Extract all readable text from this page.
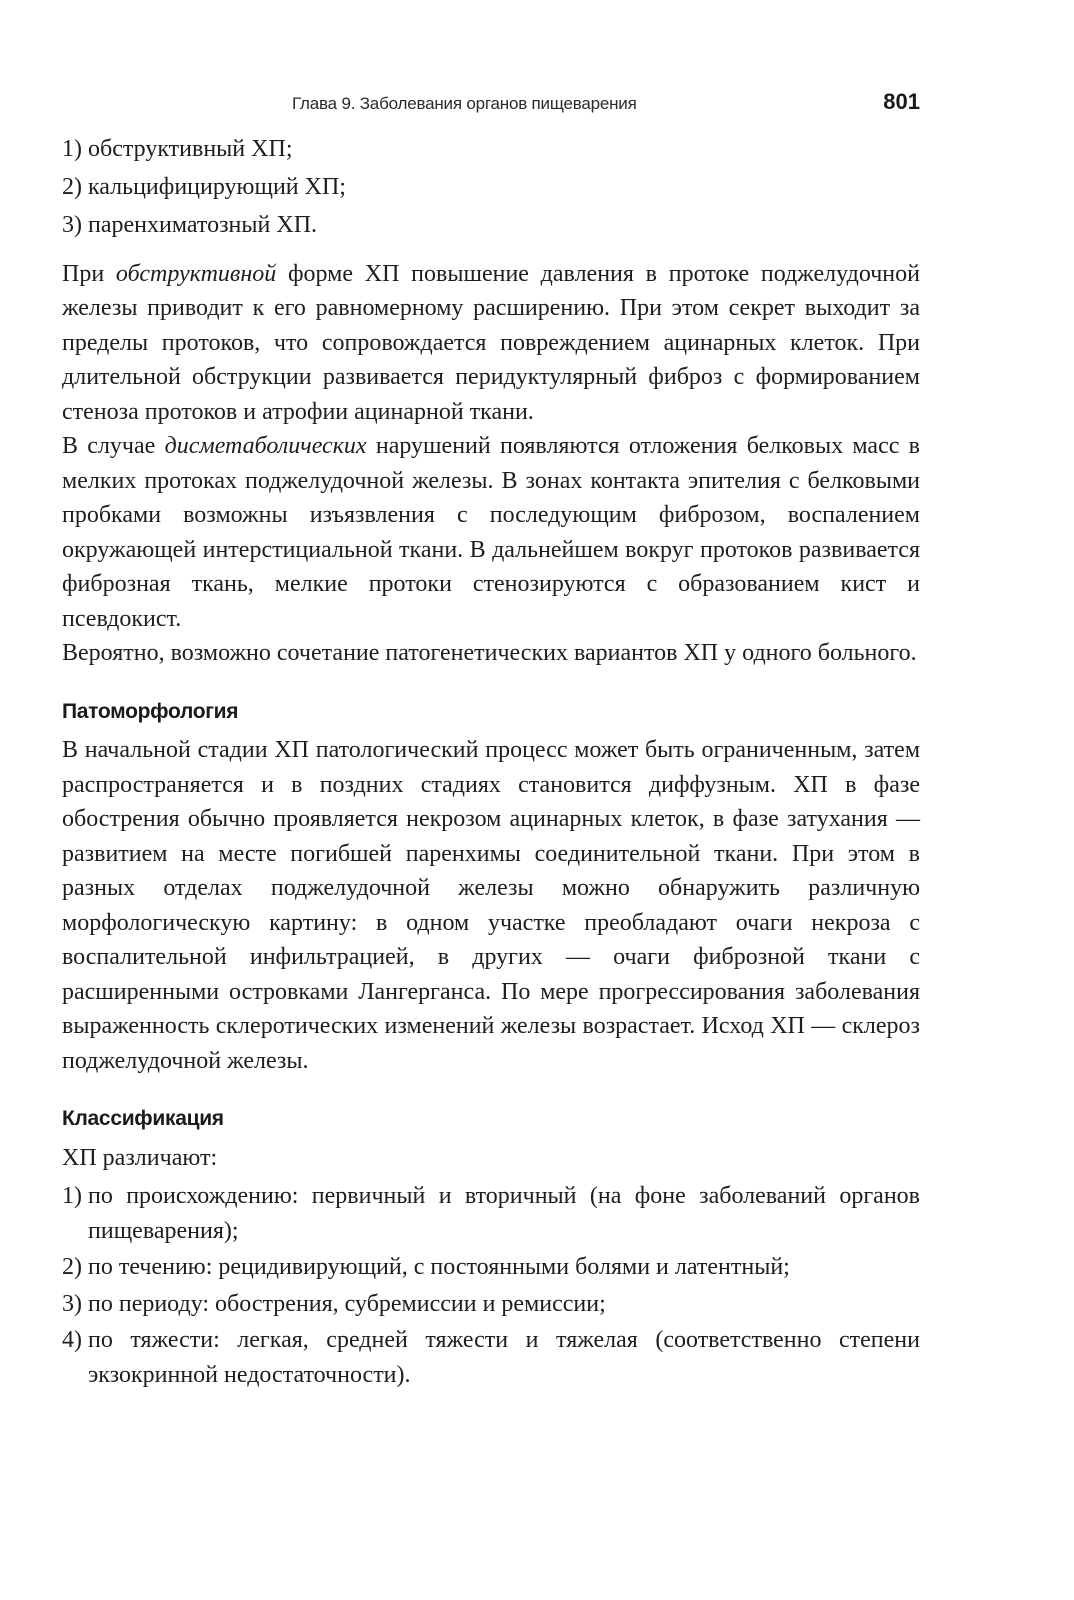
Глава 9. Заболевания органов пищеварения	801
1) обструктивный ХП;
2) кальцифицирующий ХП;
3) паренхиматозный ХП.

При обструктивной форме ХП повышение давления в протоке поджелудочной железы приводит к его равномерному расширению. При этом секрет выходит за пределы протоков, что сопровождается повреждением ацинарных клеток. При длительной обструкции развивается перидуктулярный фиброз с формированием стеноза протоков и атрофии ацинарной ткани.

В случае дисметаболических нарушений появляются отложения белковых масс в мелких протоках поджелудочной железы. В зонах контакта эпителия с белковыми пробками возможны изъязвления с последующим фиброзом, воспалением окружающей интерстициальной ткани. В дальнейшем вокруг протоков развивается фиброзная ткань, мелкие протоки стенозируются с образованием кист и псевдокист.

Вероятно, возможно сочетание патогенетических вариантов ХП у одного больного.

Патоморфология

В начальной стадии ХП патологический процесс может быть ограниченным, затем распространяется и в поздних стадиях становится диффузным. ХП в фазе обострения обычно проявляется некрозом ацинарных клеток, в фазе затухания — развитием на месте погибшей паренхимы соединительной ткани. При этом в разных отделах поджелудочной железы можно обнаружить различную морфологическую картину: в одном участке преобладают очаги некроза с воспалительной инфильтрацией, в других — очаги фиброзной ткани с расширенными островками Лангерганса. По мере прогрессирования заболевания выраженность склеротических изменений железы возрастает. Исход ХП — склероз поджелудочной железы.

Классификация

ХП различают:

1) по происхождению: первичный и вторичный (на фоне заболеваний органов пищеварения);
2) по течению: рецидивирующий, с постоянными болями и латентный;
3) по периоду: обострения, субремиссии и ремиссии;
4) по тяжести: легкая, средней тяжести и тяжелая (соответственно степени экзокринной недостаточности).
